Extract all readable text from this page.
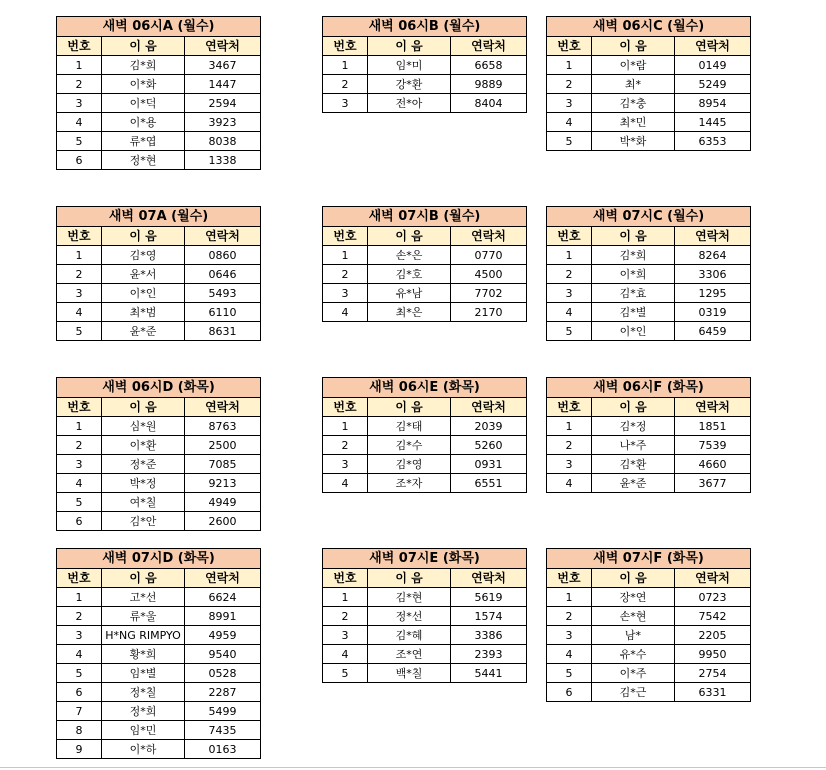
새벽 06시A (월수)		
번호	이 음	연락처
1	김*희	3467
2	이*화	1447
3	이*덕	2594
4	이*용	3923
5	류*엽	8038
6	정*현	1338
새벽 06시B (월수)		
번호	이 음	연락처
1	임*미	6658
2	강*환	9889
3	전*아	8404
새벽 06시C (월수)		
번호	이 음	연락처
1	이*람	0149
2	최*	5249
3	김*충	8954
4	최*민	1445
5	박*화	6353
새벽 07A (월수)		
번호	이 음	연락처
1	김*영	0860
2	윤*서	0646
3	이*인	5493
4	최*범	6110
5	윤*준	8631
새벽 07시B (월수)		
번호	이 음	연락처
1	손*은	0770
2	김*호	4500
3	유*남	7702
4	최*은	2170
새벽 07시C (월수)		
번호	이 음	연락처
1	김*희	8264
2	이*희	3306
3	김*효	1295
4	김*별	0319
5	이*인	6459
새벽 06시D (화목)		
번호	이 음	연락처
1	심*원	8763
2	이*환	2500
3	정*준	7085
4	박*정	9213
5	여*칠	4949
6	김*안	2600
새벽 06시E (화목)		
번호	이 음	연락처
1	김*태	2039
2	김*수	5260
3	김*영	0931
4	조*자	6551
새벽 06시F (화목)		
번호	이 음	연락처
1	김*정	1851
2	나*주	7539
3	김*환	4660
4	윤*준	3677
새벽 07시D (화목)		
번호	이 음	연락처
1	고*선	6624
2	류*울	8991
3	H*NG RIMPYO	4959
4	황*희	9540
5	임*별	0528
6	정*칠	2287
7	정*희	5499
8	임*민	7435
9	이*하	0163
새벽 07시E (화목)		
번호	이 음	연락처
1	김*현	5619
2	정*선	1574
3	김*혜	3386
4	조*연	2393
5	백*칠	5441
새벽 07시F (화목)		
번호	이 음	연락처
1	장*연	0723
2	손*현	7542
3	남*	2205
4	유*수	9950
5	이*주	2754
6	김*근	6331
